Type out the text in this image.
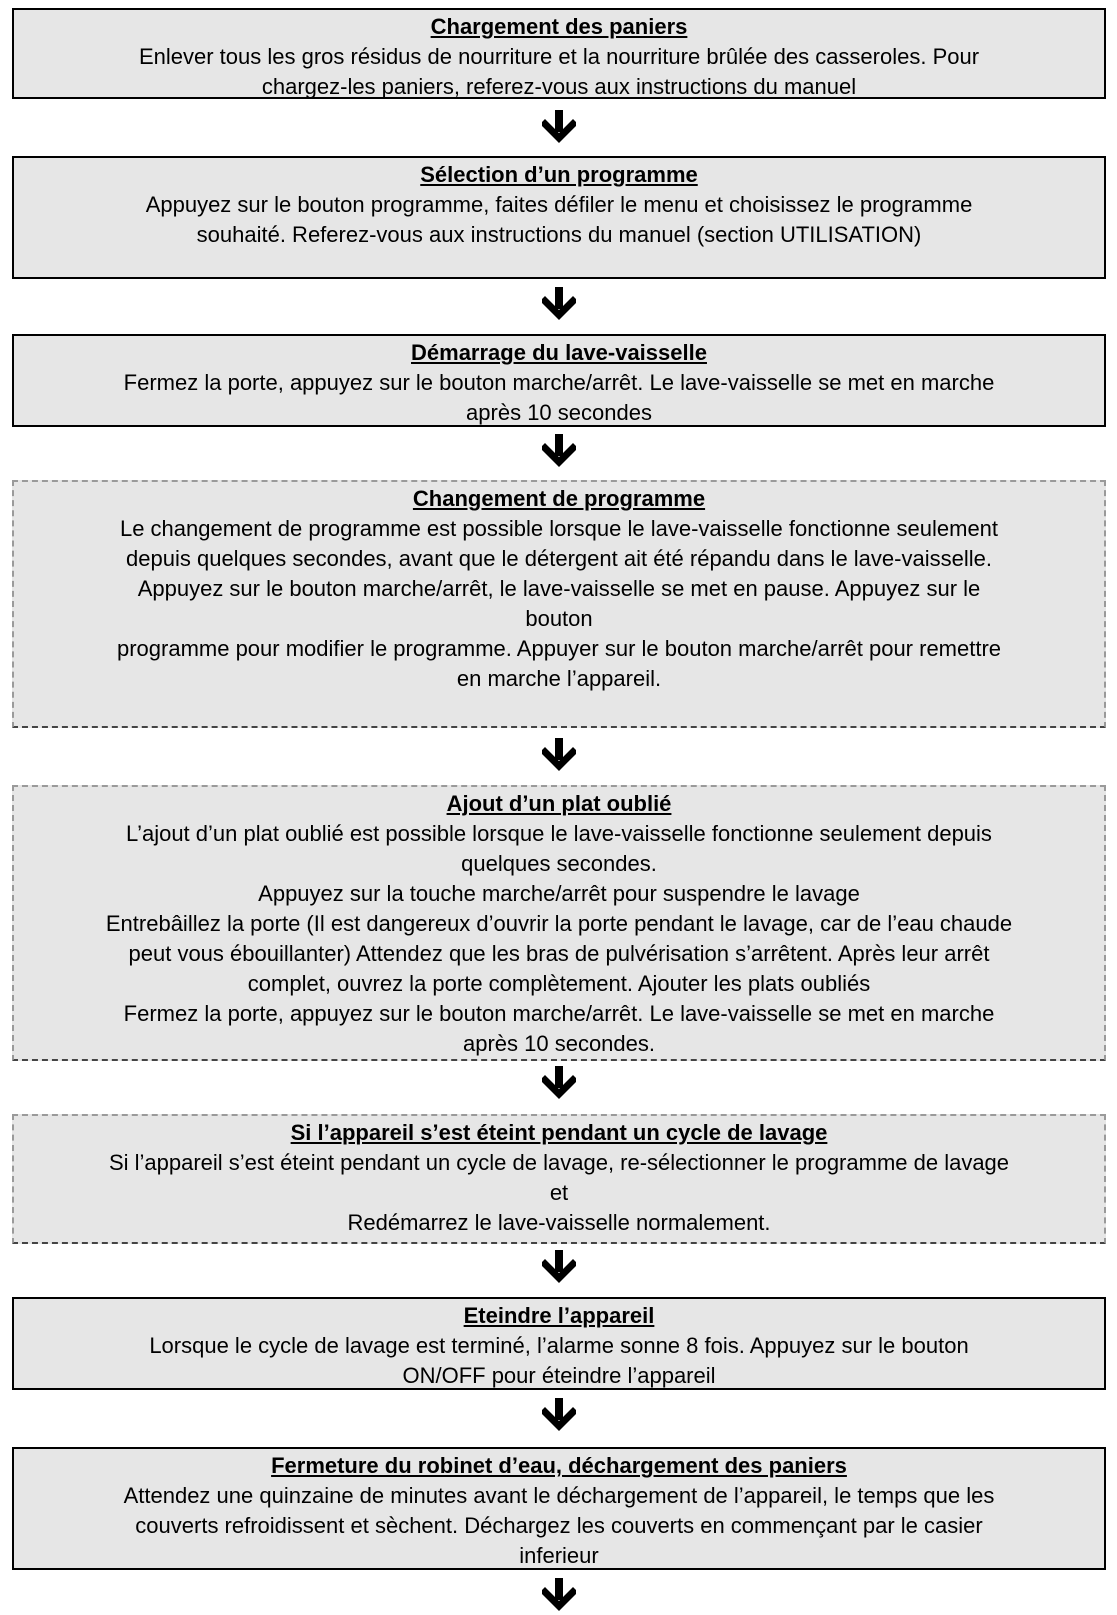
Chargement des paniers
Enlever tous les gros résidus de nourriture et la nourriture brûlée des casseroles. Pour
chargez-les paniers, referez-vous aux instructions du manuel
Sélection d’un programme
Appuyez sur le bouton programme, faites défiler le menu et choisissez le programme
souhaité. Referez-vous aux instructions du manuel (section UTILISATION)
Démarrage du lave-vaisselle
Fermez la porte, appuyez sur le bouton marche/arrêt. Le lave-vaisselle se met en marche
après 10 secondes
Changement de programme
Le changement de programme est possible lorsque le lave-vaisselle fonctionne seulement
depuis quelques secondes, avant que le détergent ait été répandu dans le lave-vaisselle.
Appuyez sur le bouton marche/arrêt, le lave-vaisselle se met en pause. Appuyez sur le
bouton
programme pour modifier le programme. Appuyer sur le bouton marche/arrêt pour remettre
en marche l’appareil.
Ajout d’un plat oublié
L’ajout d’un plat oublié est possible lorsque le lave-vaisselle fonctionne seulement depuis
quelques secondes.
Appuyez sur la touche marche/arrêt pour suspendre le lavage
Entrebâillez la porte (Il est dangereux d’ouvrir la porte pendant le lavage, car de l’eau chaude
peut vous ébouillanter) Attendez que les bras de pulvérisation s’arrêtent. Après leur arrêt
complet, ouvrez la porte complètement. Ajouter les plats oubliés
Fermez la porte, appuyez sur le bouton marche/arrêt. Le lave-vaisselle se met en marche
après 10 secondes.
Si l’appareil s’est éteint pendant un cycle de lavage
Si l’appareil s’est éteint pendant un cycle de lavage, re-sélectionner le programme de lavage
et
Redémarrez le lave-vaisselle normalement.
Eteindre l’appareil
Lorsque le cycle de lavage est terminé, l’alarme sonne 8 fois. Appuyez sur le bouton
ON/OFF pour éteindre l’appareil
Fermeture du robinet d’eau, déchargement des paniers
Attendez une quinzaine de minutes avant le déchargement de l’appareil, le temps que les
couverts refroidissent et sèchent. Déchargez les couverts en commençant par le casier
inferieur
